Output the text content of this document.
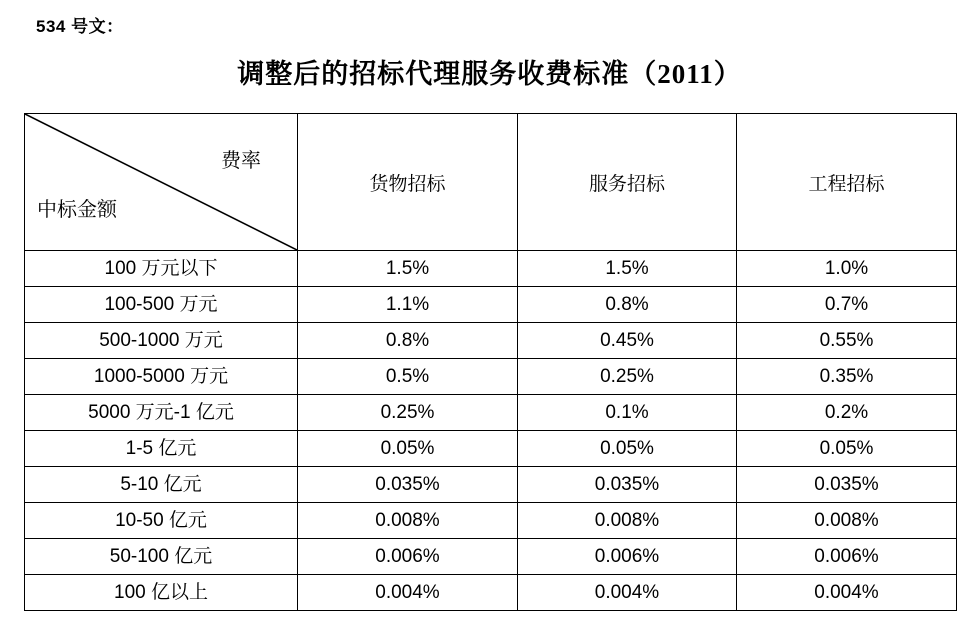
534 号文：
调整后的招标代理服务收费标准（2011）
费率
中标金额	货物招标	服务招标	工程招标
100 万元以下	1.5%	1.5%	1.0%
100-500 万元	1.1%	0.8%	0.7%
500-1000 万元	0.8%	0.45%	0.55%
1000-5000 万元	0.5%	0.25%	0.35%
5000 万元-1 亿元	0.25%	0.1%	0.2%
1-5 亿元	0.05%	0.05%	0.05%
5-10 亿元	0.035%	0.035%	0.035%
10-50 亿元	0.008%	0.008%	0.008%
50-100 亿元	0.006%	0.006%	0.006%
100 亿以上	0.004%	0.004%	0.004%
